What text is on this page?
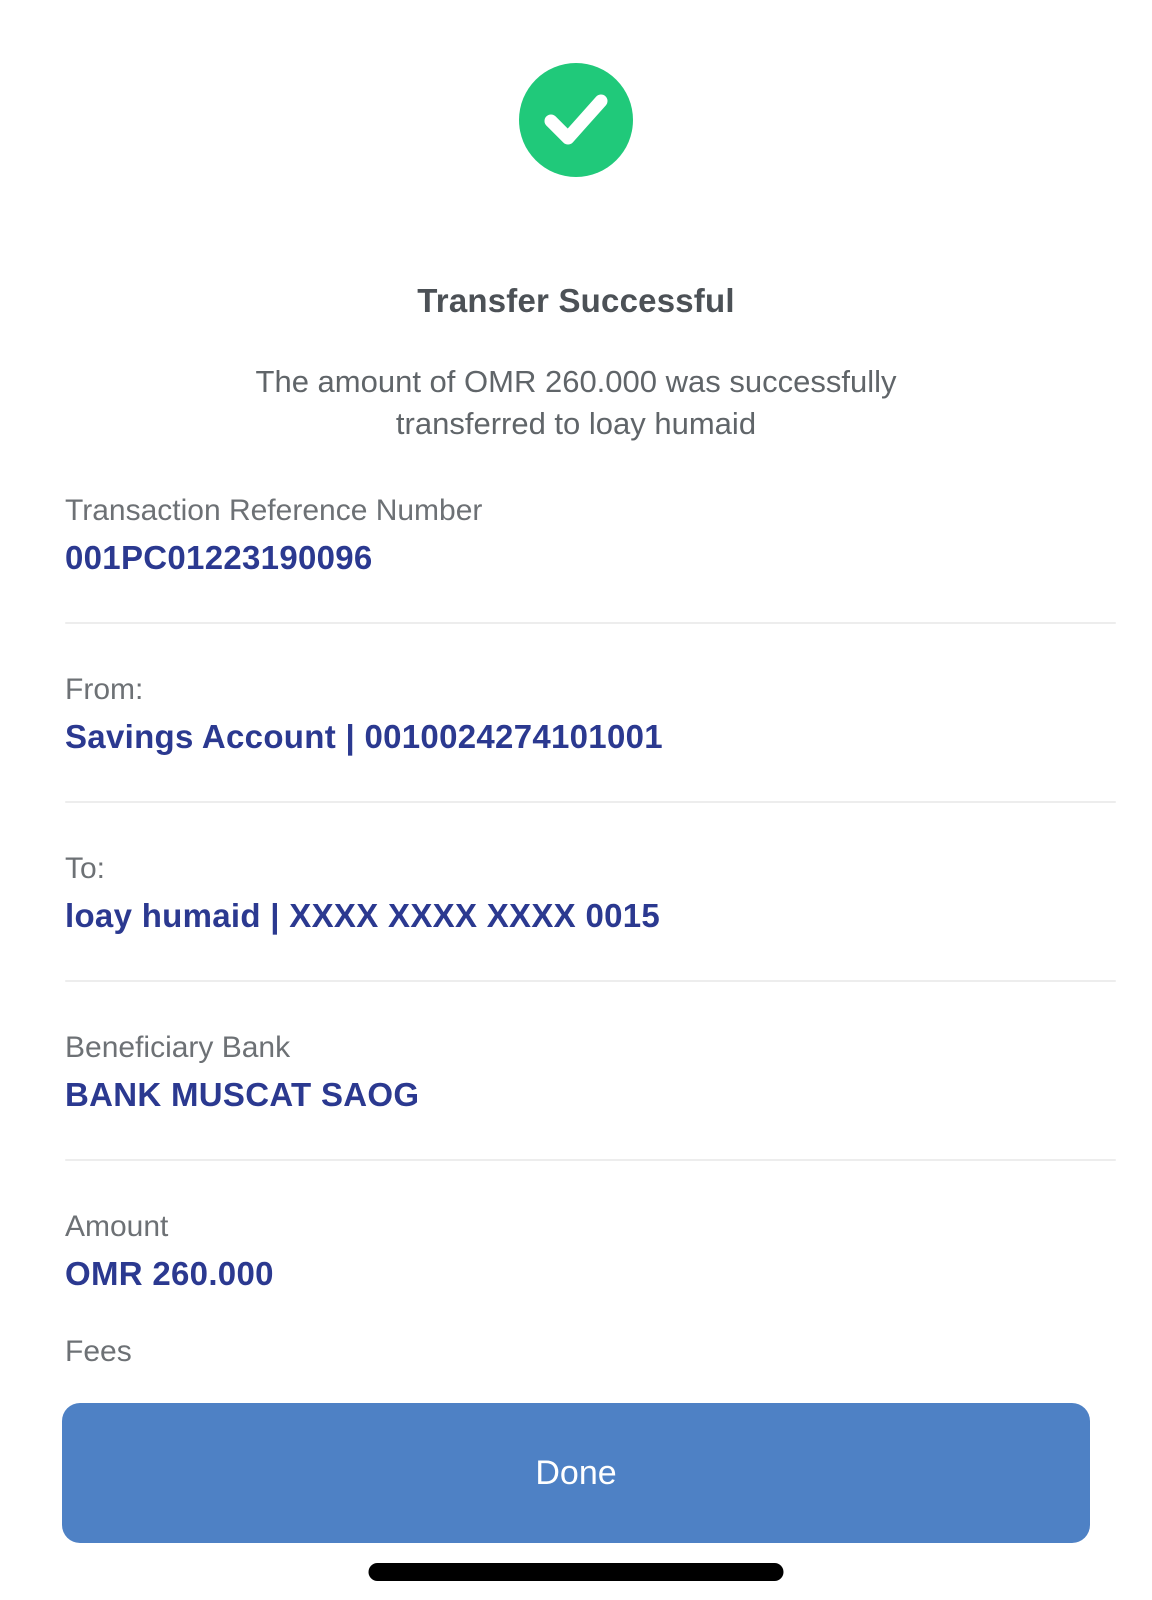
Transfer Successful

The amount of OMR 260.000 was successfully transferred to loay humaid

Transaction Reference Number
001PC01223190096
From:
Savings Account | 0010024274101001
To:
loay humaid | XXXX XXXX XXXX 0015
Beneficiary Bank
BANK MUSCAT SAOG
Amount
OMR 260.000
Fees
Done
